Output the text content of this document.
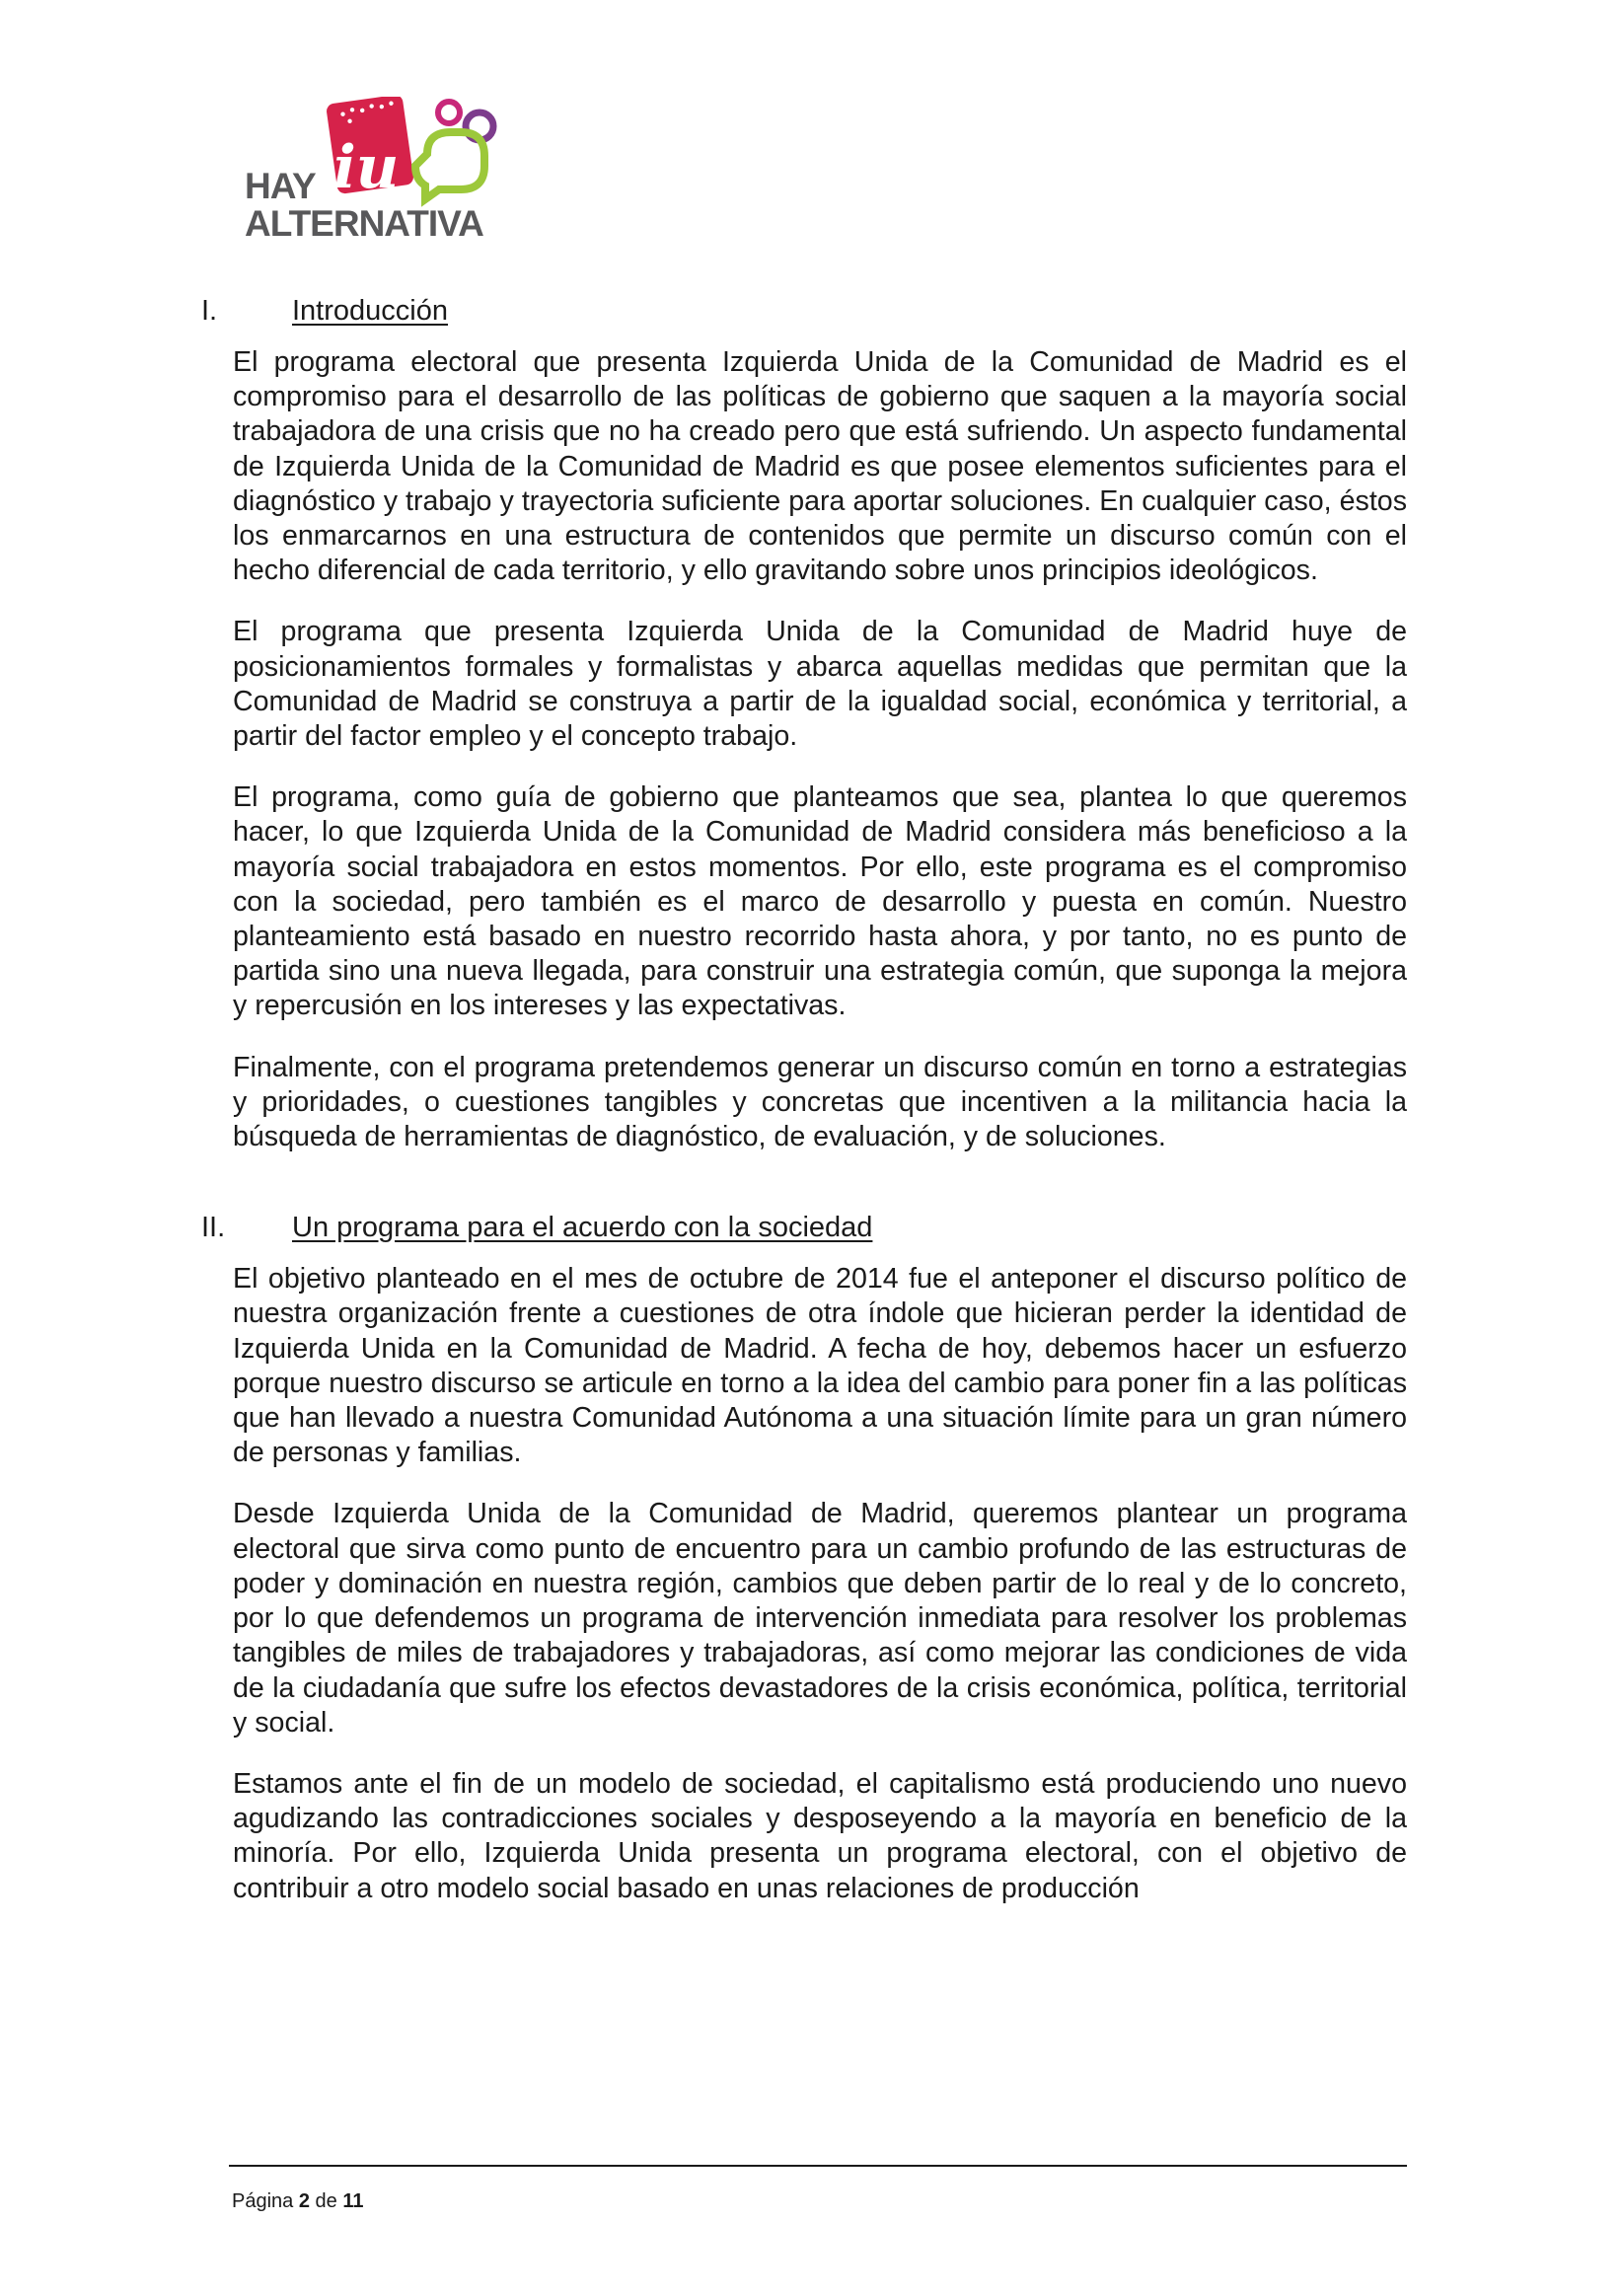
iu
HAY
ALTERNATIVA
I.	Introducción

El programa electoral que presenta Izquierda Unida de la Comunidad de Madrid es el compromiso para el desarrollo de las políticas de gobierno que saquen a la mayoría social trabajadora de una crisis que no ha creado pero que está sufriendo. Un aspecto fundamental de Izquierda Unida de la Comunidad de Madrid es que posee elementos suficientes para el diagnóstico y trabajo y trayectoria suficiente para aportar soluciones. En cualquier caso, éstos los enmarcarnos en una estructura de contenidos que permite un discurso común con el hecho diferencial de cada territorio, y ello gravitando sobre unos principios ideológicos.

El programa que presenta Izquierda Unida de la Comunidad de Madrid huye de posicionamientos formales y formalistas y abarca aquellas medidas que permitan que la Comunidad de Madrid se construya a partir de la igualdad social, económica y territorial, a partir del factor empleo y el concepto trabajo.

El programa, como guía de gobierno que planteamos que sea, plantea lo que queremos hacer, lo que Izquierda Unida de la Comunidad de Madrid considera más beneficioso a la mayoría social trabajadora en estos momentos. Por ello, este programa es el compromiso con la sociedad, pero también es el marco de desarrollo y puesta en común. Nuestro planteamiento está basado en nuestro recorrido hasta ahora, y por tanto, no es punto de partida sino una nueva llegada, para construir una estrategia común, que suponga la mejora y repercusión en los intereses y las expectativas.

Finalmente, con el programa pretendemos generar un discurso común en torno a estrategias y prioridades, o cuestiones tangibles y concretas que incentiven a la militancia hacia la búsqueda de herramientas de diagnóstico, de evaluación, y de soluciones.

II.	Un programa para el acuerdo con la sociedad

El objetivo planteado en el mes de octubre de 2014 fue el anteponer el discurso político de nuestra organización frente a cuestiones de otra índole que hicieran perder la identidad de Izquierda Unida en la Comunidad de Madrid. A fecha de hoy, debemos hacer un esfuerzo porque nuestro discurso se articule en torno a la idea del cambio para poner fin a las políticas que han llevado a nuestra Comunidad Autónoma a una situación límite para un gran número de personas y familias.

Desde Izquierda Unida de la Comunidad de Madrid, queremos plantear un programa electoral que sirva como punto de encuentro para un cambio profundo de las estructuras de poder y dominación en nuestra región, cambios que deben partir de lo real y de lo concreto, por lo que defendemos un programa de intervención inmediata para resolver los problemas tangibles de miles de trabajadores y trabajadoras, así como mejorar las condiciones de vida de la ciudadanía que sufre los efectos devastadores de la crisis económica, política, territorial y social.

Estamos ante el fin de un modelo de sociedad, el capitalismo está produciendo uno nuevo agudizando las contradicciones sociales y desposeyendo a la mayoría en beneficio de la minoría. Por ello, Izquierda Unida presenta un programa electoral, con el objetivo de contribuir a otro modelo social basado en unas relaciones de producción

Página 2 de 11
